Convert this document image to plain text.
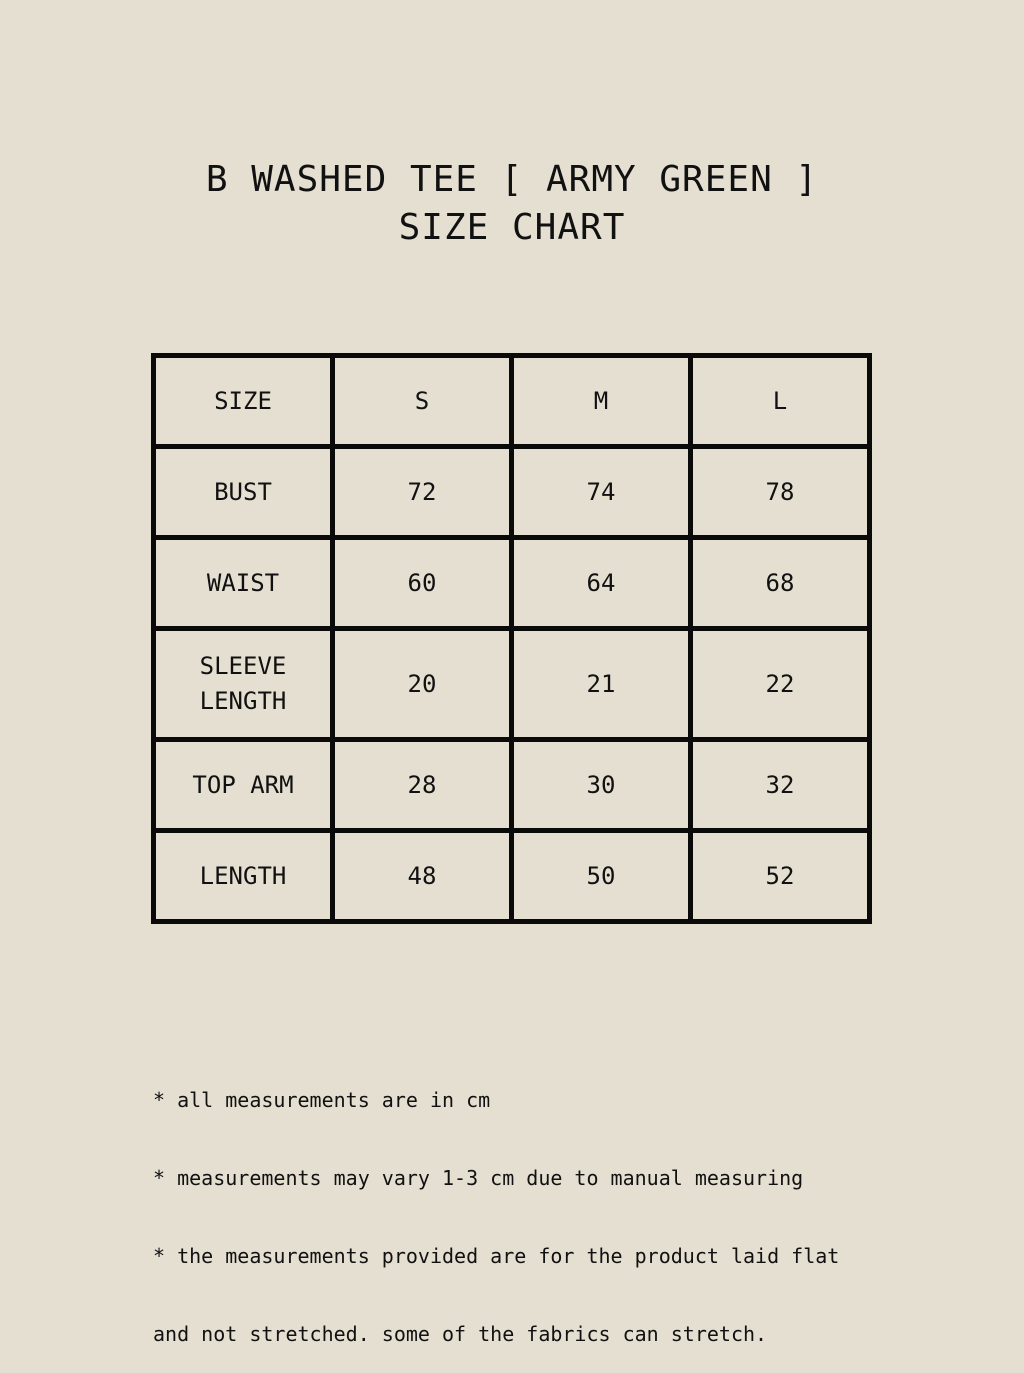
B WASHED TEE [ ARMY GREEN ]
SIZE CHART
SIZE	S	M	L
BUST	72	74	78
WAIST	60	64	68
SLEEVE LENGTH	20	21	22
TOP ARM	28	30	32
LENGTH	48	50	52

* all measurements are in cm

* measurements may vary 1-3 cm due to manual measuring

* the measurements provided are for the product laid flat

and not stretched. some of the fabrics can stretch.
